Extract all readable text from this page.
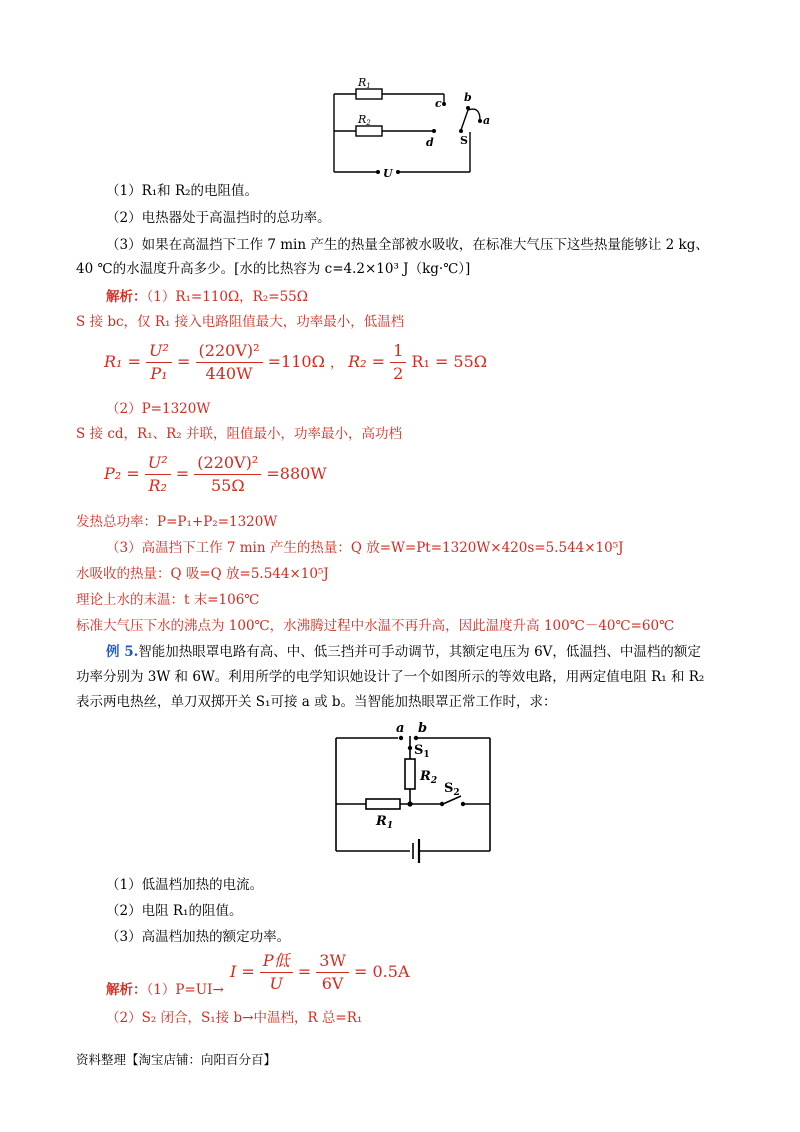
R1
R2
c
d
b
a
S
U
（1）R₁和 R₂的电阻值。
（2）电热器处于高温挡时的总功率。
（3）如果在高温挡下工作 7 min 产生的热量全部被水吸收，在标准大气压下这些热量能够让 2 kg、
40 ℃的水温度升高多少。[水的比热容为 c=4.2×10³ J（kg·℃）]
解析：（1）R₁=110Ω，R₂=55Ω
S 接 bc，仅 R₁ 接入电路阻值最大，功率最小，低温档
$R_1 = \frac{\text{U²}}{\text{P₁}} = \frac{\text{(220V)²}}{440W} =110\Omega$ ， $R_2 = \frac{1}{2} R_1 = 55\Omega$
（2）P=1320W
S 接 cd，R₁、R₂ 并联，阻值最小，功率最小，高功档
$P_2 = \frac{\text{U²}}{\text{R₂}} = \frac{\text{(220V)²}}{55\Omega} =880W$
发热总功率：P=P₁+P₂=1320W
（3）高温挡下工作 7 min 产生的热量：Q 放=W=Pt=1320W×420s=5.544×10⁵J
水吸收的热量：Q 吸=Q 放=5.544×10⁵J
理论上水的末温：t 末=106℃
标准大气压下水的沸点为 100℃，水沸腾过程中水温不再升高，因此温度升高 100℃－40℃=60℃
例 5.智能加热眼罩电路有高、中、低三挡并可手动调节，其额定电压为 6V，低温挡、中温档的额定
功率分别为 3W 和 6W。利用所学的电学知识她设计了一个如图所示的等效电路，用两定值电阻 R₁ 和 R₂
表示两电热丝，单刀双掷开关 S₁可接 a 或 b。当智能加热眼罩正常工作时，求：
a b
$S_1$
$R_2$ $S_2$
$R_1$
（1）低温档加热的电流。
（2）电阻 R₁的阻值。
（3）高温档加热的额定功率。
解析：（1）P=UI→
$I = \frac{\text{P低}}{U} = \frac{3W}{6V} = 0.5A$
（2）S₂ 闭合，S₁接 b→中温档，R 总=R₁
资料整理【淘宝店铺：向阳百分百】
